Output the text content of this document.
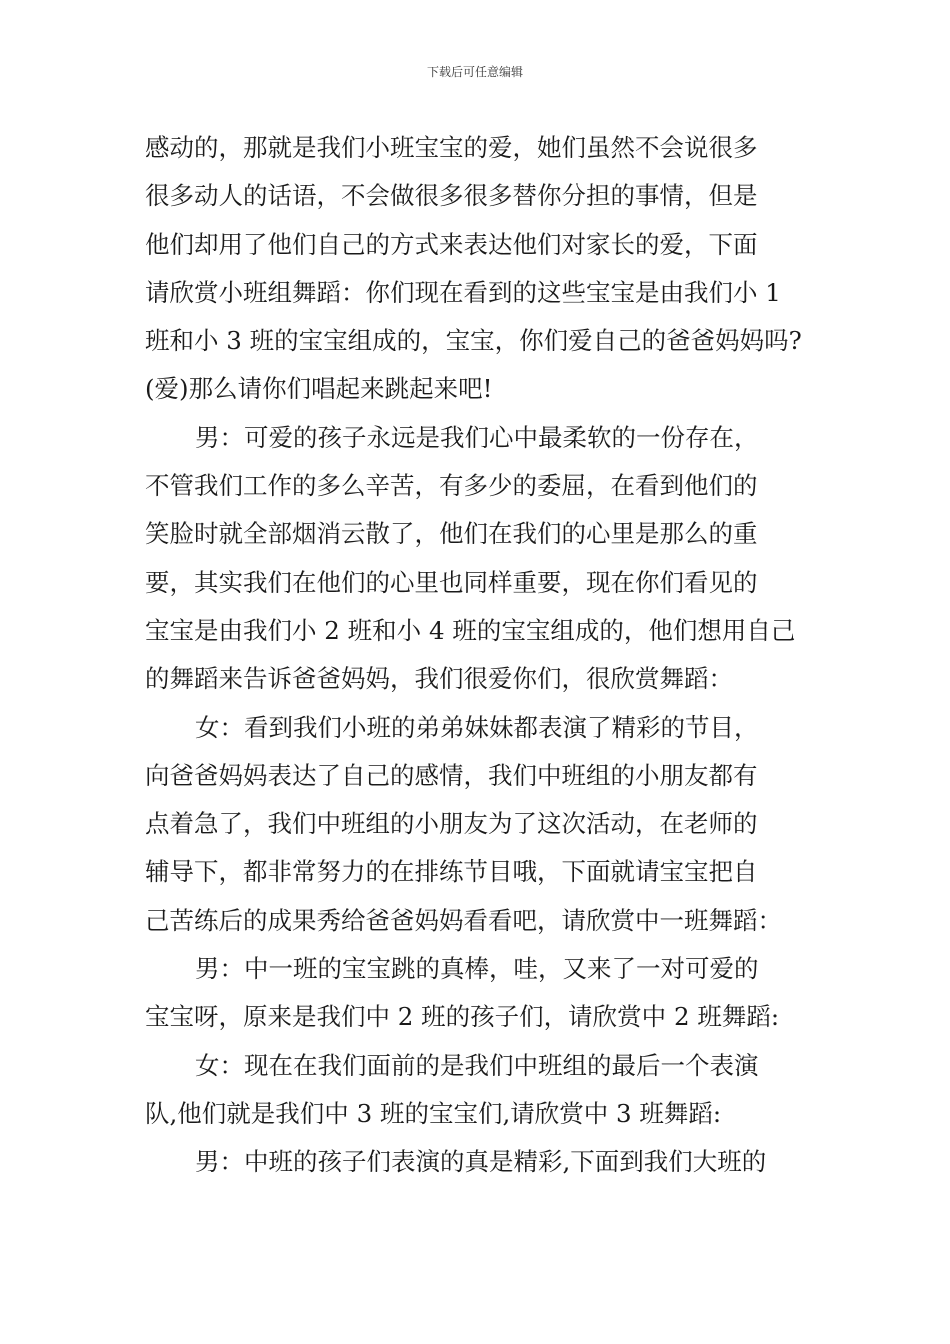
下载后可任意编辑
感动的，那就是我们小班宝宝的爱，她们虽然不会说很多
很多动人的话语，不会做很多很多替你分担的事情，但是
他们却用了他们自己的方式来表达他们对家长的爱，下面
请欣赏小班组舞蹈：你们现在看到的这些宝宝是由我们小 1
班和小 3 班的宝宝组成的，宝宝，你们爱自己的爸爸妈妈吗?
(爱)那么请你们唱起来跳起来吧!
男：可爱的孩子永远是我们心中最柔软的一份存在，
不管我们工作的多么辛苦，有多少的委屈，在看到他们的
笑脸时就全部烟消云散了，他们在我们的心里是那么的重
要，其实我们在他们的心里也同样重要，现在你们看见的
宝宝是由我们小 2 班和小 4 班的宝宝组成的，他们想用自己
的舞蹈来告诉爸爸妈妈，我们很爱你们，很欣赏舞蹈：
女：看到我们小班的弟弟妹妹都表演了精彩的节目，
向爸爸妈妈表达了自己的感情，我们中班组的小朋友都有
点着急了，我们中班组的小朋友为了这次活动，在老师的
辅导下，都非常努力的在排练节目哦，下面就请宝宝把自
己苦练后的成果秀给爸爸妈妈看看吧，请欣赏中一班舞蹈：
男：中一班的宝宝跳的真棒，哇，又来了一对可爱的
宝宝呀，原来是我们中 2 班的孩子们，请欣赏中 2 班舞蹈:
女：现在在我们面前的是我们中班组的最后一个表演
队,他们就是我们中 3 班的宝宝们,请欣赏中 3 班舞蹈:
男：中班的孩子们表演的真是精彩,下面到我们大班的
